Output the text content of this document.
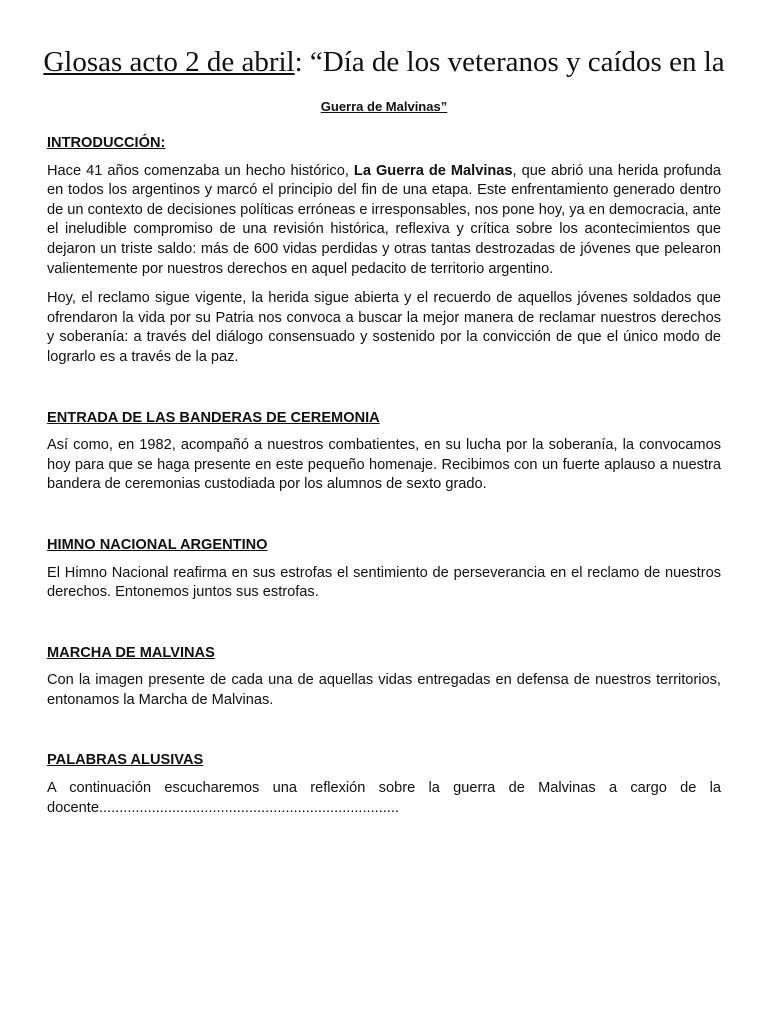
Glosas acto 2 de abril: “Día de los veteranos y caídos en la Guerra de Malvinas”

INTRODUCCIÓN:

Hace 41 años comenzaba un hecho histórico, La Guerra de Malvinas, que abrió una herida profunda en todos los argentinos y marcó el principio del fin de una etapa. Este enfrentamiento generado dentro de un contexto de decisiones políticas erróneas e irresponsables, nos pone hoy, ya en democracia, ante el ineludible compromiso de una revisión histórica, reflexiva y crítica sobre los acontecimientos que dejaron un triste saldo: más de 600 vidas perdidas y otras tantas destrozadas de jóvenes que pelearon valientemente por nuestros derechos en aquel pedacito de territorio argentino.

Hoy, el reclamo sigue vigente, la herida sigue abierta y el recuerdo de aquellos jóvenes soldados que ofrendaron la vida por su Patria nos convoca a buscar la mejor manera de reclamar nuestros derechos y soberanía: a través del diálogo consensuado y sostenido por la convicción de que el único modo de lograrlo es a través de la paz.

ENTRADA DE LAS BANDERAS DE CEREMONIA

Así como, en 1982, acompañó a nuestros combatientes, en su lucha por la soberanía, la convocamos hoy para que se haga presente en este pequeño homenaje. Recibimos con un fuerte aplauso a nuestra bandera de ceremonias custodiada por los alumnos de sexto grado.

HIMNO NACIONAL ARGENTINO

El Himno Nacional reafirma en sus estrofas el sentimiento de perseverancia en el reclamo de nuestros derechos. Entonemos juntos sus estrofas.

MARCHA DE MALVINAS

Con la imagen presente de cada una de aquellas vidas entregadas en defensa de nuestros territorios, entonamos la Marcha de Malvinas.

PALABRAS ALUSIVAS

A continuación escucharemos una reflexión sobre la guerra de Malvinas a cargo de la docente..........................................................................
